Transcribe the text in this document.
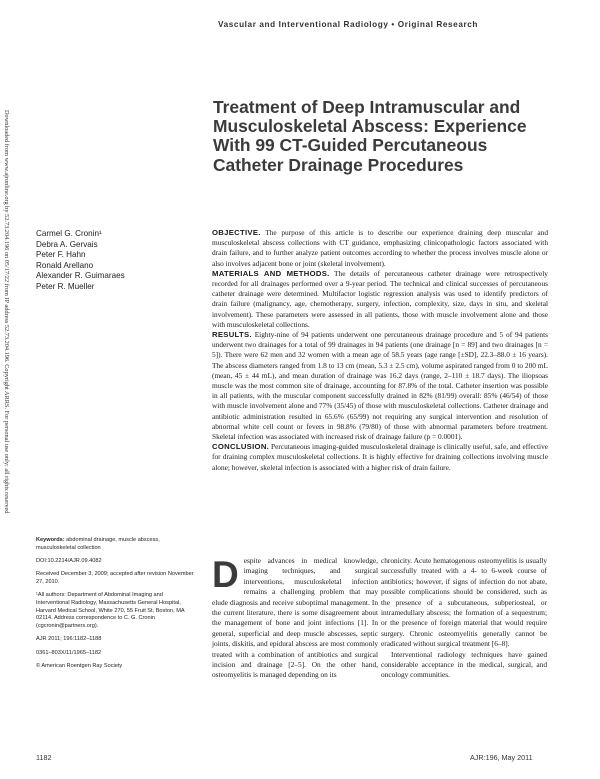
Downloaded from www.ajronline.org by 52.73.204.196 on 05/17/22 from IP address 52.73.204.196. Copyright ARRS. For personal use only; all rights reserved
Vascular and Interventional Radiology • Original Research
Treatment of Deep Intramuscular and Musculoskeletal Abscess: Experience With 99 CT-Guided Percutaneous Catheter Drainage Procedures
Carmel G. Cronin¹
Debra A. Gervais
Peter F. Hahn
Ronald Arellano
Alexander R. Guimaraes
Peter R. Mueller

OBJECTIVE. The purpose of this article is to describe our experience draining deep muscular and musculoskeletal abscess collections with CT guidance, emphasizing clinicopathologic factors associated with drain failure, and to further analyze patient outcomes according to whether the process involves muscle alone or also involves adjacent bone or joint (skeletal involvement).

MATERIALS AND METHODS. The details of percutaneous catheter drainage were retrospectively recorded for all drainages performed over a 9-year period. The technical and clinical successes of percutaneous catheter drainage were determined. Multifactor logistic regression analysis was used to identify predictors of drain failure (malignancy, age, chemotherapy, surgery, infection, complexity, size, days in situ, and skeletal involvement). These parameters were assessed in all patients, those with muscle involvement alone and those with musculoskeletal collections.

RESULTS. Eighty-nine of 94 patients underwent one percutaneous drainage procedure and 5 of 94 patients underwent two drainages for a total of 99 drainages in 94 patients (one drainage [n = 89] and two drainages [n = 5]). There were 62 men and 32 women with a mean age of 58.5 years (age range [±SD], 22.3–88.0 ± 16 years). The abscess diameters ranged from 1.8 to 13 cm (mean, 5.3 ± 2.5 cm), volume aspirated ranged from 0 to 200 mL (mean, 45 ± 44 mL), and mean duration of drainage was 16.2 days (range, 2–110 ± 18.7 days). The iliopsoas muscle was the most common site of drainage, accounting for 87.8% of the total. Catheter insertion was possible in all patients, with the muscular component successfully drained in 82% (81/99) overall: 85% (46/54) of those with muscle involvement alone and 77% (35/45) of those with musculoskeletal collections. Catheter drainage and antibiotic administration resulted in 65.6% (65/99) not requiring any surgical intervention and resolution of abnormal white cell count or fevers in 98.8% (79/80) of those with abnormal parameters before treatment. Skeletal infection was associated with increased risk of drainage failure (p = 0.0001).

CONCLUSION. Percutaneous imaging-guided musculoskeletal drainage is clinically useful, safe, and effective for draining complex musculoskeletal collections. It is highly effective for draining collections involving muscle alone; however, skeletal infection is associated with a higher risk of drain failure.

Keywords: abdominal drainage, muscle abscess, musculoskeletal collection

DOI:10.2214/AJR.09.4082

Received December 3, 2009; accepted after revision November 27, 2010.

¹All authors: Department of Abdominal Imaging and Interventional Radiology, Massachusetts General Hospital, Harvard Medical School, White 270, 55 Fruit St, Boston, MA 02114. Address correspondence to C. G. Cronin (cgcronin@partners.org).

AJR 2011; 196:1182–1188

0361–803X/11/1965–1182

© American Roentgen Ray Society

D espite advances in medical knowledge, imaging techniques, and surgical interventions, musculoskeletal infection remains a challenging problem that may elude diagnosis and receive suboptimal management. In the current literature, there is some disagreement about the management of bone and joint infections [1]. In general, superficial and deep muscle abscesses, septic joints, diskitis, and epidural abscess are most commonly treated with a combination of antibiotics and surgical incision and drainage [2–5]. On the other hand, osteomyelitis is managed depending on its

chronicity. Acute hematogenous osteomyelitis is usually successfully treated with a 4- to 6-week course of antibiotics; however, if signs of infection do not abate, possible complications should be considered, such as the presence of a subcutaneous, subperiosteal, or intramedullary abscess; the formation of a sequestrum; or the presence of foreign material that would require surgery. Chronic osteomyelitis generally cannot be eradicated without surgical treatment [6–8].

Interventional radiology techniques have gained considerable acceptance in the medical, surgical, and oncology communities.

1182	AJR:196, May 2011
